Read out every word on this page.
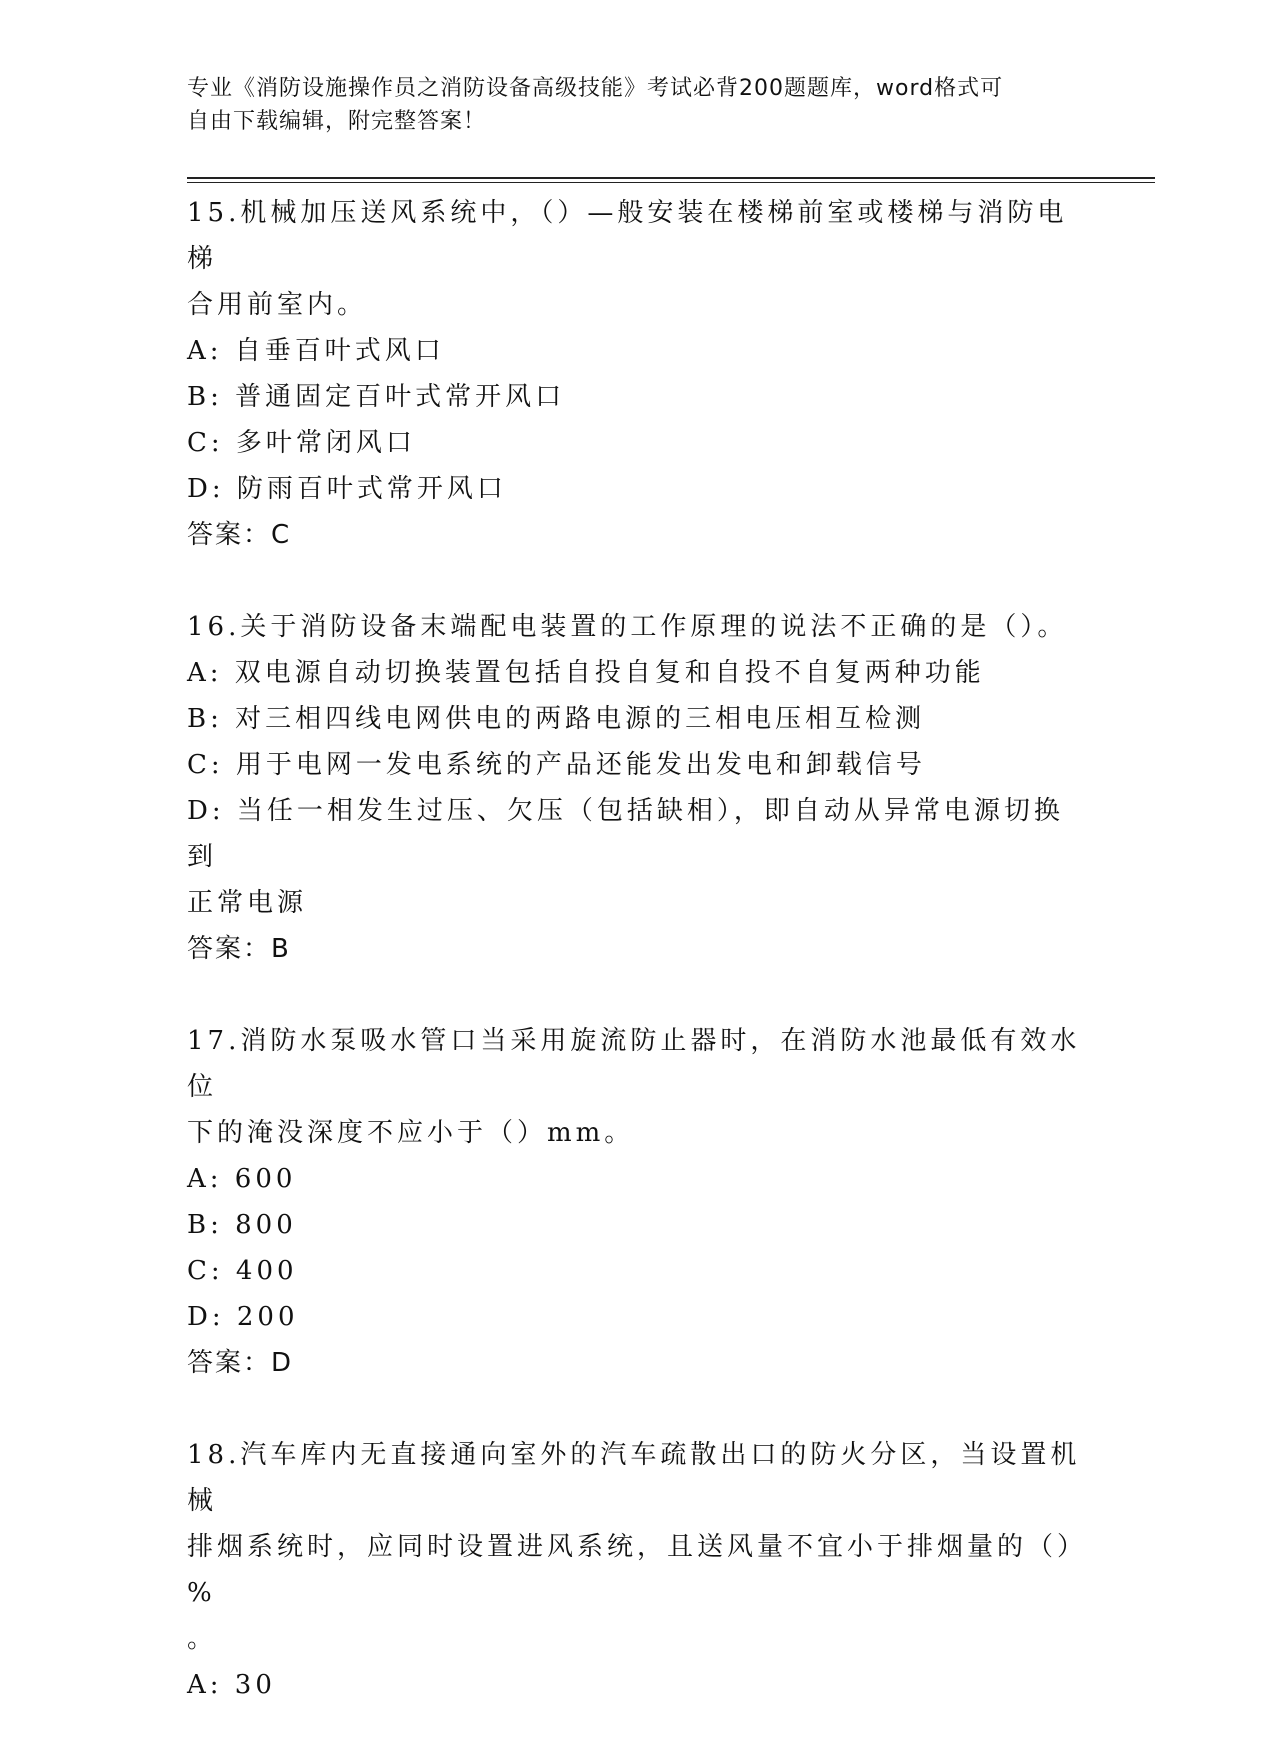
专业《消防设施操作员之消防设备高级技能》考试必背200题题库，word格式可
自由下载编辑，附完整答案！

15.机械加压送风系统中，（）—般安装在楼梯前室或楼梯与消防电梯

合用前室内。

A: 自垂百叶式风口

B: 普通固定百叶式常开风口

C: 多叶常闭风口

D: 防雨百叶式常开风口

答案：C

16.关于消防设备末端配电装置的工作原理的说法不正确的是（）。

A: 双电源自动切换装置包括自投自复和自投不自复两种功能

B: 对三相四线电网供电的两路电源的三相电压相互检测

C: 用于电网一发电系统的产品还能发出发电和卸载信号

D: 当任一相发生过压、欠压（包括缺相），即自动从异常电源切换到

正常电源

答案：B

17.消防水泵吸水管口当采用旋流防止器时，在消防水池最低有效水位

下的淹没深度不应小于（）mm。

A: 600

B: 800

C: 400

D: 200

答案：D

18.汽车库内无直接通向室外的汽车疏散出口的防火分区，当设置机械

排烟系统时，应同时设置进风系统，且送风量不宜小于排烟量的（）%

。

A: 30
